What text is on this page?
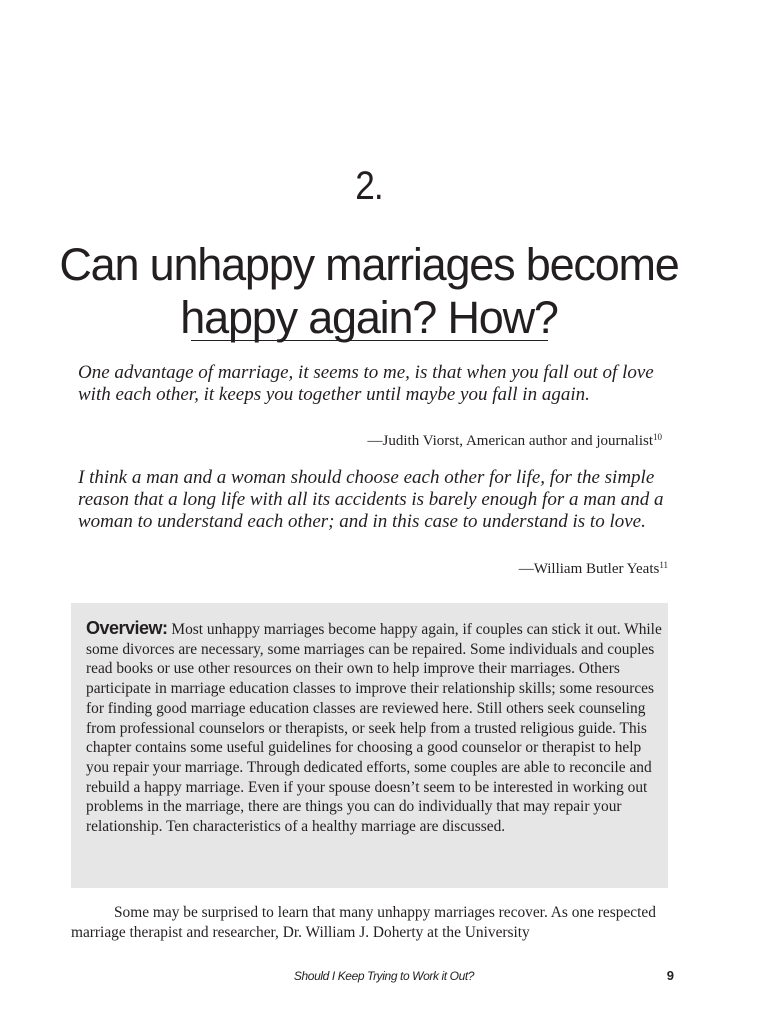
2.
Can unhappy marriages become happy again? How?

One advantage of marriage, it seems to me, is that when you fall out of love with each other, it keeps you together until maybe you fall in again.

—Judith Viorst, American author and journalist$^{10}$

I think a man and a woman should choose each other for life, for the simple reason that a long life with all its accidents is barely enough for a man and a woman to understand each other; and in this case to understand is to love.

—William Butler Yeats$^{11}$

Overview: Most unhappy marriages become happy again, if couples can stick it out. While some divorces are necessary, some marriages can be repaired. Some individuals and couples read books or use other resources on their own to help improve their marriages. Others participate in marriage education classes to improve their relationship skills; some resources for finding good marriage education classes are reviewed here. Still others seek counseling from professional counselors or therapists, or seek help from a trusted religious guide. This chapter contains some useful guidelines for choosing a good counselor or therapist to help you repair your marriage. Through dedicated efforts, some couples are able to reconcile and rebuild a happy marriage. Even if your spouse doesn’t seem to be interested in working out problems in the marriage, there are things you can do individually that may repair your relationship. Ten characteristics of a healthy marriage are discussed.

Some may be surprised to learn that many unhappy marriages recover. As one respected marriage therapist and researcher, Dr. William J. Doherty at the University

Should I Keep Trying to Work it Out?	9
